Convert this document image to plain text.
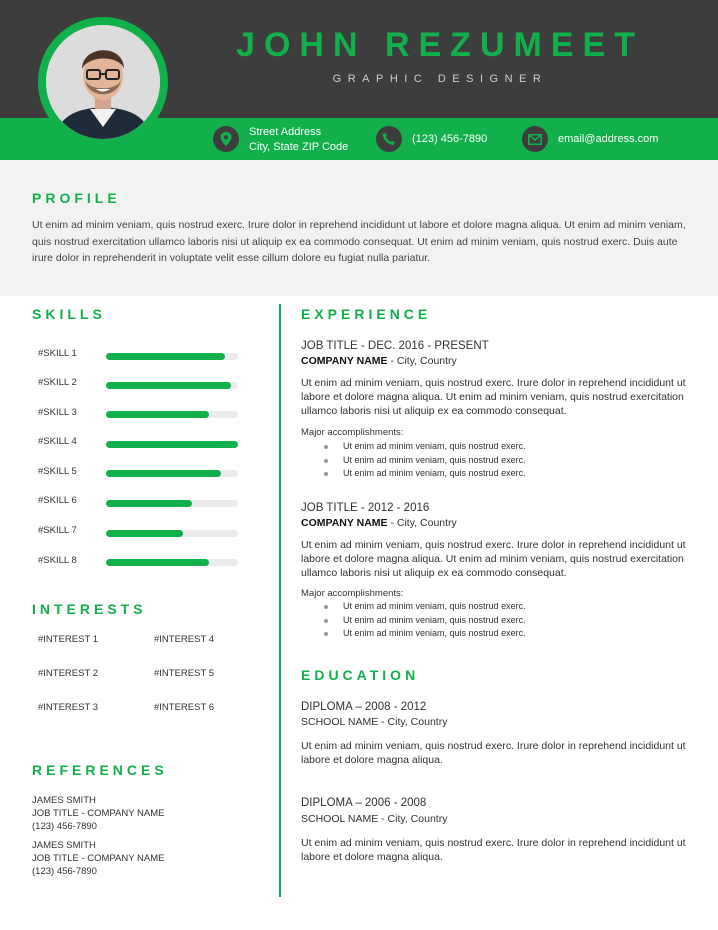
JOHN REZUMEET
GRAPHIC DESIGNER
Street Address
City, State ZIP Code
(123) 456-7890	email@address.com
PROFILE
Ut enim ad minim veniam, quis nostrud exerc. Irure dolor in reprehend incididunt ut labore et dolore magna aliqua. Ut enim ad minim veniam, quis nostrud exercitation ullamco laboris nisi ut aliquip ex ea commodo consequat. Ut enim ad minim veniam, quis nostrud exerc. Duis aute irure dolor in reprehenderit in voluptate velit esse cillum dolore eu fugiat nulla pariatur.
SKILLS
#SKILL 1
#SKILL 2
#SKILL 3
#SKILL 4
#SKILL 5
#SKILL 6
#SKILL 7
#SKILL 8
INTERESTS
#INTEREST 1
#INTEREST 2
#INTEREST 3
#INTEREST 4
#INTEREST 5
#INTEREST 6
REFERENCES
JAMES SMITH
JOB TITLE - COMPANY NAME
(123) 456-7890
JAMES SMITH
JOB TITLE - COMPANY NAME
(123) 456-7890
EXPERIENCE
JOB TITLE - DEC. 2016 - PRESENT
COMPANY NAME - City, Country
Ut enim ad minim veniam, quis nostrud exerc. Irure dolor in reprehend incididunt ut labore et dolore magna aliqua. Ut enim ad minim veniam, quis nostrud exercitation ullamco laboris nisi ut aliquip ex ea commodo consequat.
Major accomplishments:
Ut enim ad minim veniam, quis nostrud exerc.
Ut enim ad minim veniam, quis nostrud exerc.
Ut enim ad minim veniam, quis nostrud exerc.
JOB TITLE - 2012 - 2016
COMPANY NAME - City, Country
Ut enim ad minim veniam, quis nostrud exerc. Irure dolor in reprehend incididunt ut labore et dolore magna aliqua. Ut enim ad minim veniam, quis nostrud exercitation ullamco laboris nisi ut aliquip ex ea commodo consequat.
Major accomplishments:
Ut enim ad minim veniam, quis nostrud exerc.
Ut enim ad minim veniam, quis nostrud exerc.
Ut enim ad minim veniam, quis nostrud exerc.
EDUCATION
DIPLOMA – 2008 - 2012
SCHOOL NAME - City, Country
Ut enim ad minim veniam, quis nostrud exerc. Irure dolor in reprehend incididunt ut labore et dolore magna aliqua.
DIPLOMA – 2006 - 2008
SCHOOL NAME - City, Country
Ut enim ad minim veniam, quis nostrud exerc. Irure dolor in reprehend incididunt ut labore et dolore magna aliqua.
